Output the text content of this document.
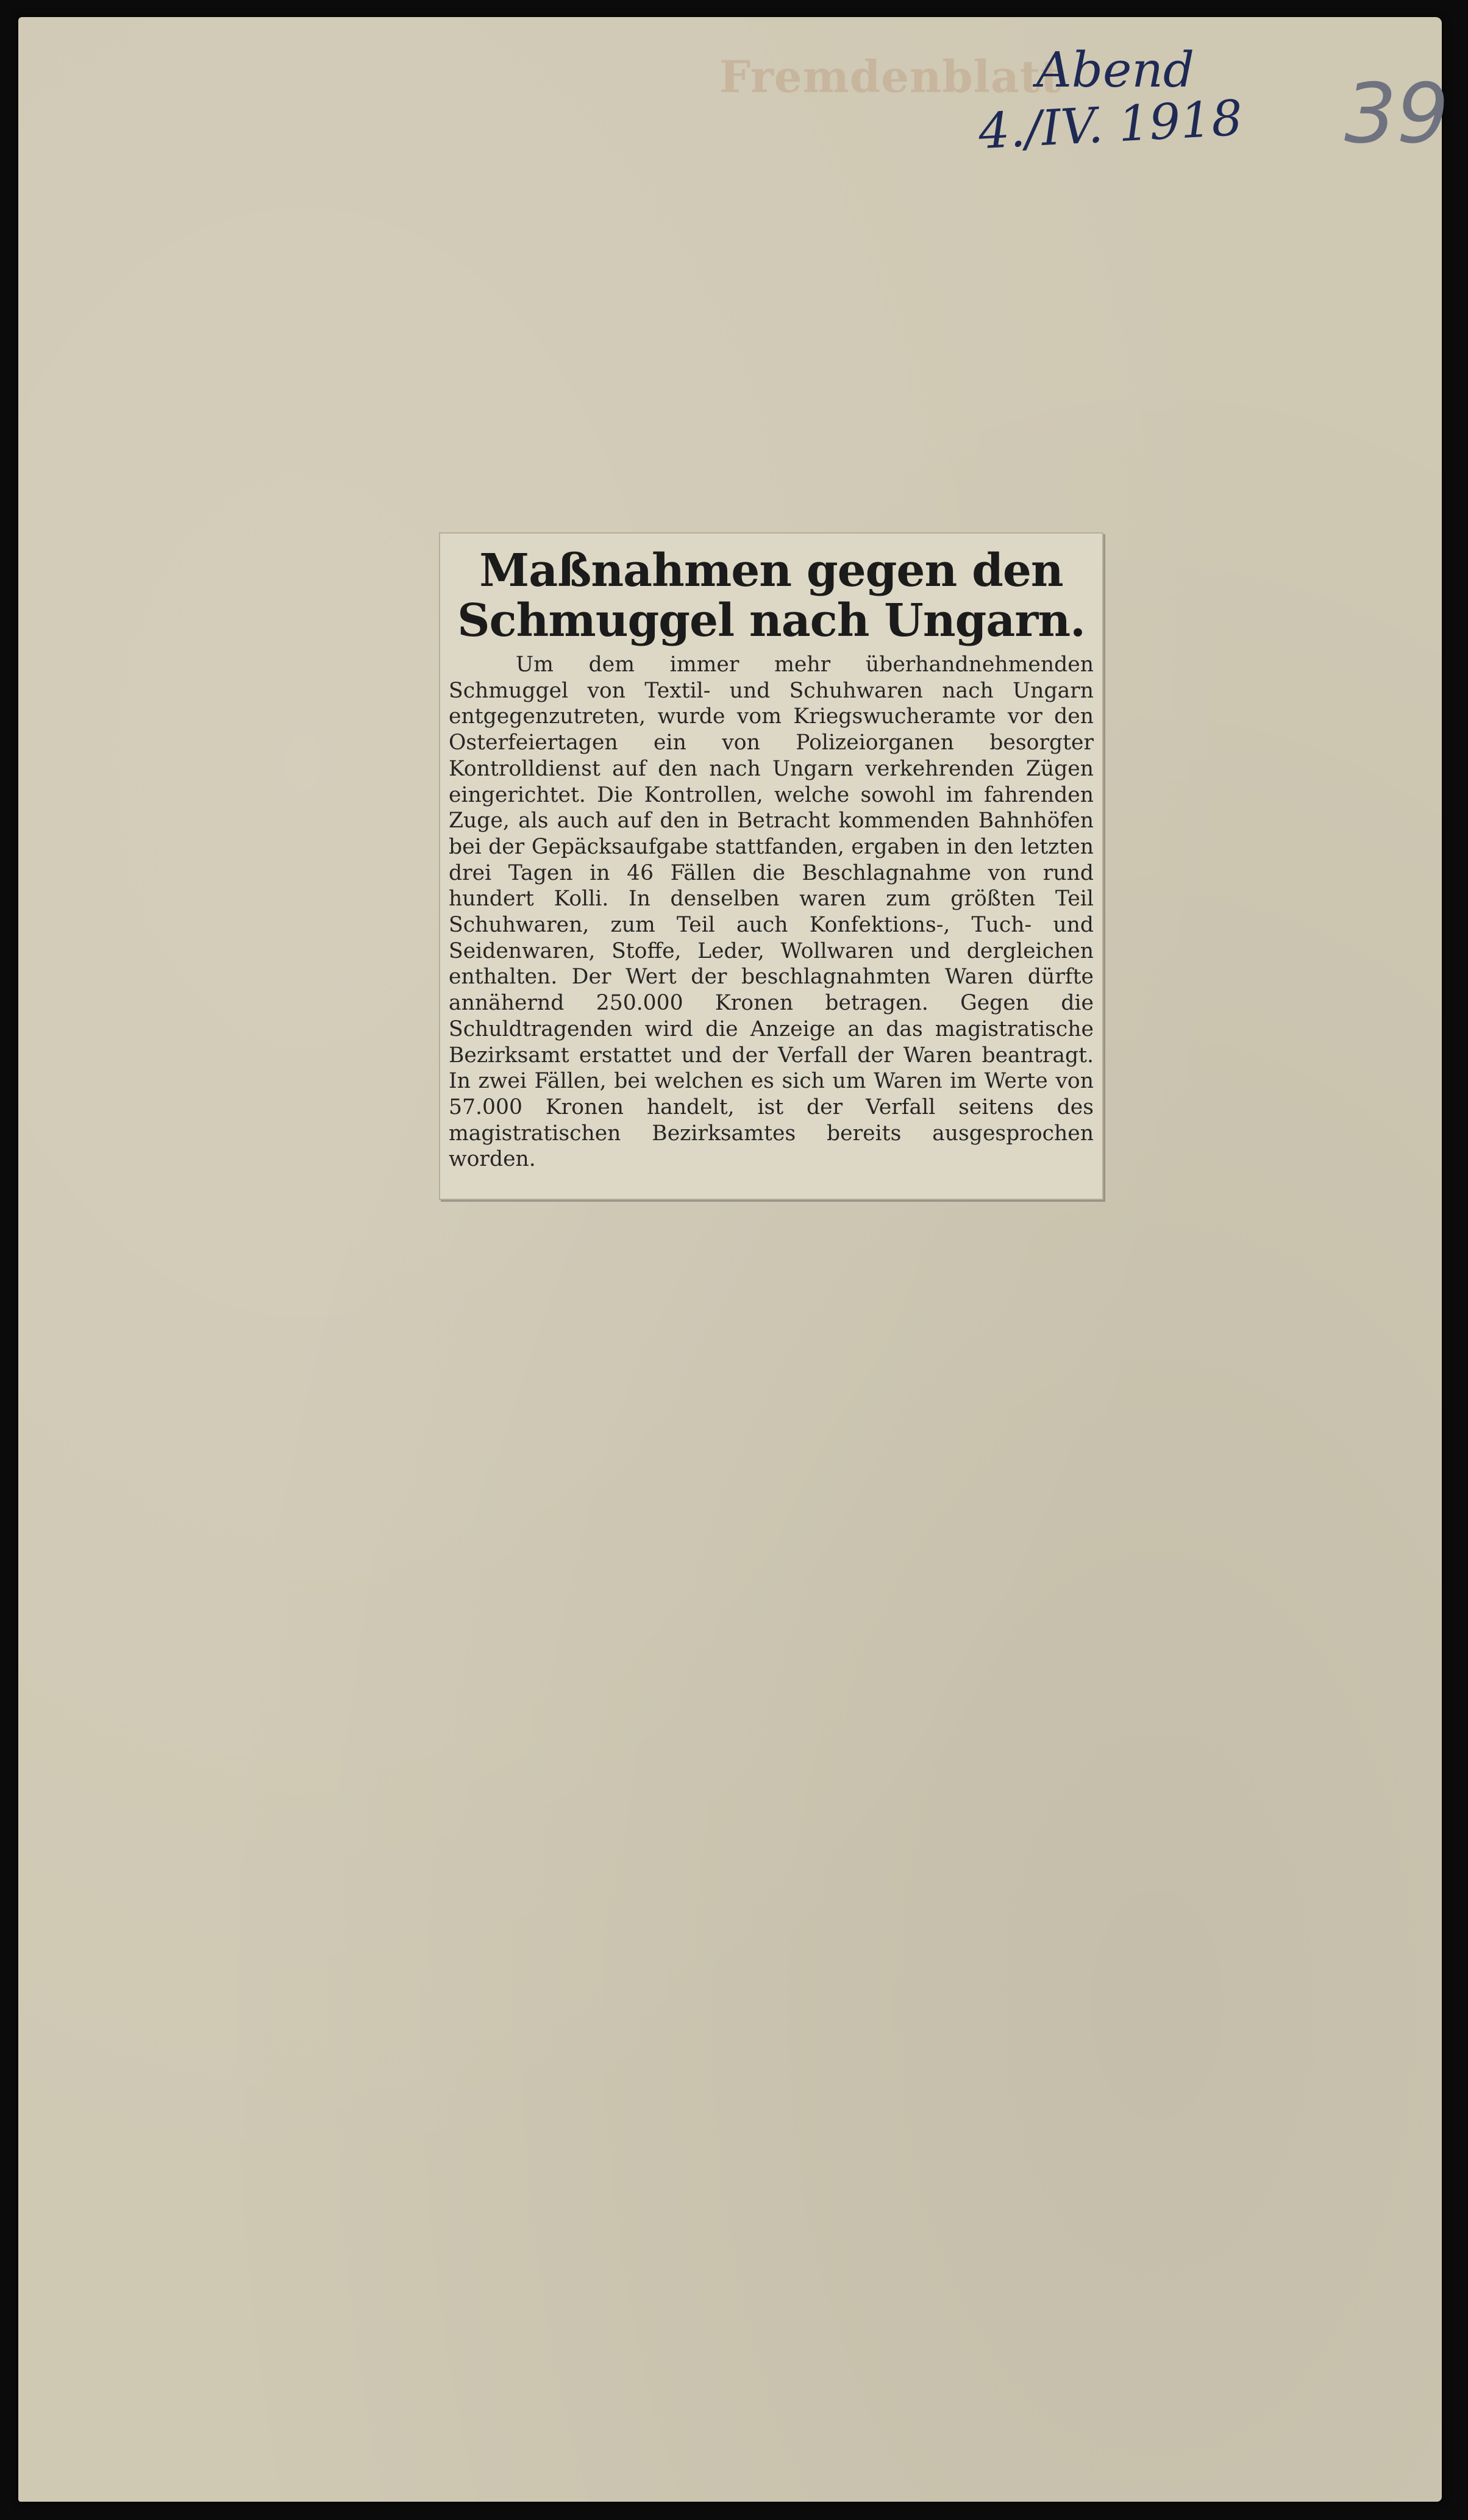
Fremdenblatt
Abend
4./IV. 1918 39
Maßnahmen gegen den Schmuggel nach Ungarn.

Um dem immer mehr überhandnehmenden Schmuggel von Textil- und Schuhwaren nach Ungarn entgegenzutreten, wurde vom Kriegswucheramte vor den Osterfeiertagen ein von Polizeiorganen besorgter Kontrolldienst auf den nach Ungarn verkehrenden Zügen eingerichtet. Die Kontrollen, welche sowohl im fahrenden Zuge, als auch auf den in Betracht kommenden Bahnhöfen bei der Gepäcksaufgabe stattfanden, ergaben in den letzten drei Tagen in 46 Fällen die Beschlagnahme von rund hundert Kolli. In denselben waren zum größten Teil Schuhwaren, zum Teil auch Konfektions-, Tuch- und Seidenwaren, Stoffe, Leder, Wollwaren und dergleichen enthalten. Der Wert der beschlagnahmten Waren dürfte annähernd 250.000 Kronen betragen. Gegen die Schuldtragenden wird die Anzeige an das magistratische Bezirksamt erstattet und der Verfall der Waren beantragt. In zwei Fällen, bei welchen es sich um Waren im Werte von 57.000 Kronen handelt, ist der Verfall seitens des magistratischen Bezirksamtes bereits ausgesprochen worden.
